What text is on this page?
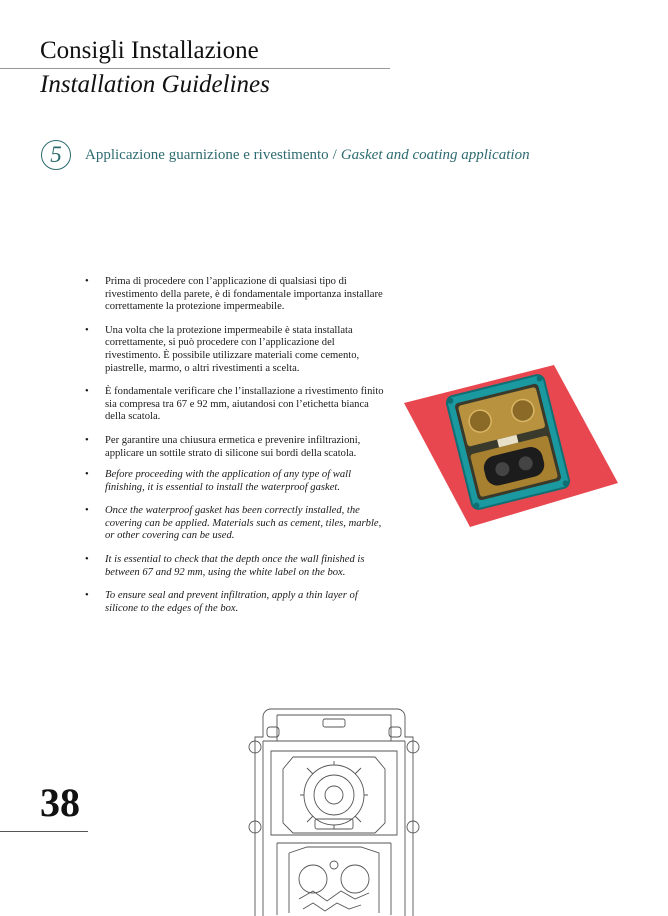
Consigli Installazione
Installation Guidelines
5	Applicazione guarnizione e rivestimento / Gasket and coating application
• Prima di procedere con l’applicazione di qualsiasi tipo di rivestimento della parete, è di fondamentale importanza installare correttamente la protezione impermeabile.
• Una volta che la protezione impermeabile è stata installata correttamente, si può procedere con l’applicazione del rivestimento. È possibile utilizzare materiali come cemento, piastrelle, marmo, o altri rivestimenti a scelta.
• È fondamentale verificare che l’installazione a rivestimento finito sia compresa tra 67 e 92 mm, aiutandosi con l’etichetta bianca della scatola.
• Per garantire una chiusura ermetica e prevenire infiltrazioni, applicare un sottile strato di silicone sui bordi della scatola.
• Before proceeding with the application of any type of wall finishing, it is essential to install the waterproof gasket.
• Once the waterproof gasket has been correctly installed, the covering can be applied. Materials such as cement, tiles, marble, or other covering can be used.
• It is essential to check that the depth once the wall finished is between 67 and 92 mm, using the white label on the box.
• To ensure seal and prevent infiltration, apply a thin layer of silicone to the edges of the box.
38
